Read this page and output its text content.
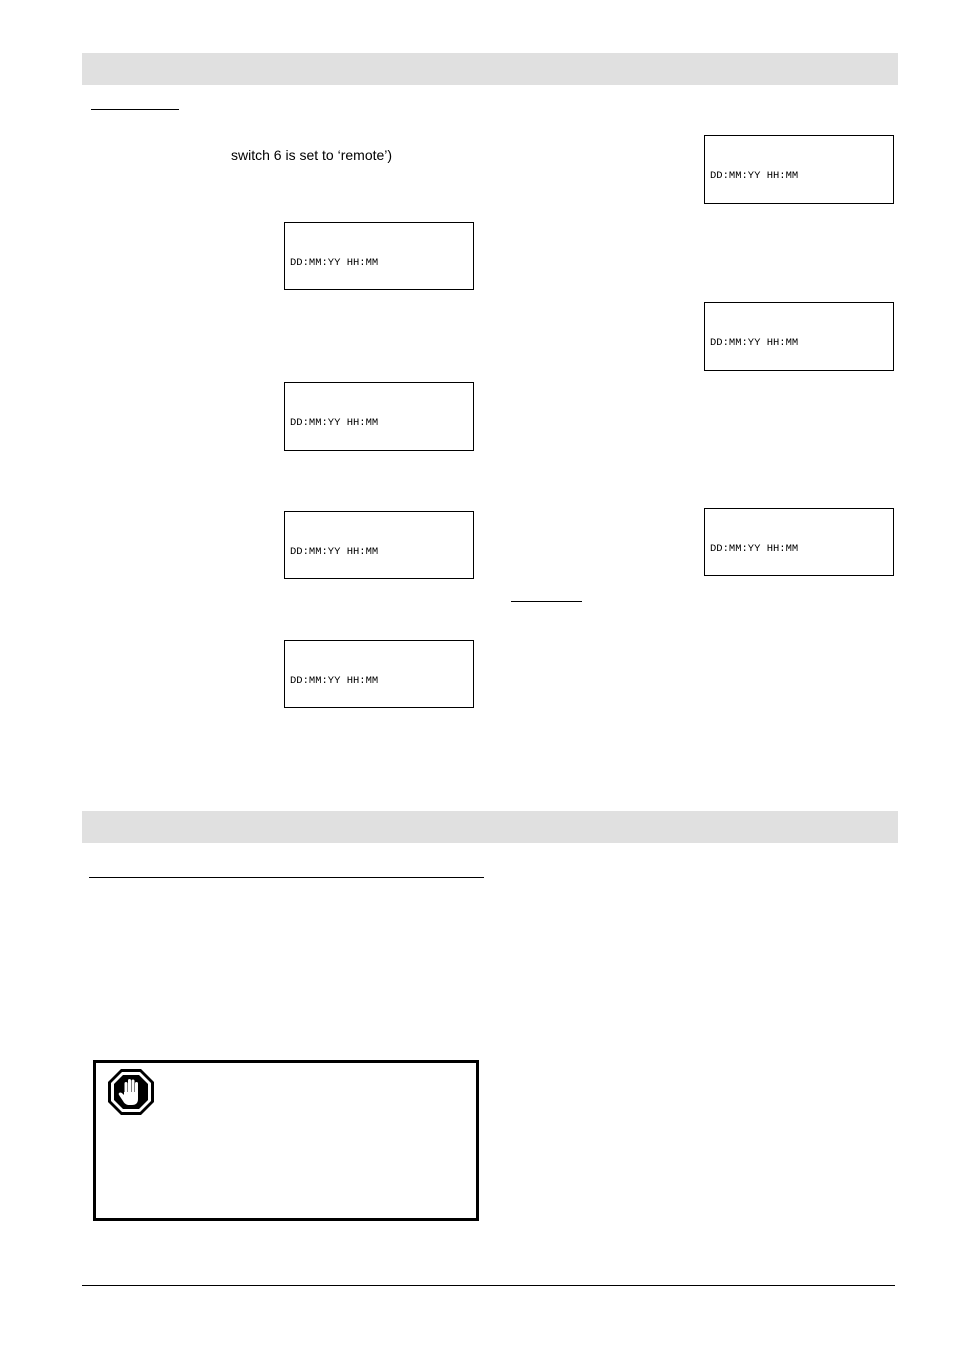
switch 6 is set to ‘remote’)

DD:MM:YY HH:MM

DD:MM:YY HH:MM

DD:MM:YY HH:MM

DD:MM:YY HH:MM

DD:MM:YY HH:MM

DD:MM:YY HH:MM

DD:MM:YY HH:MM
